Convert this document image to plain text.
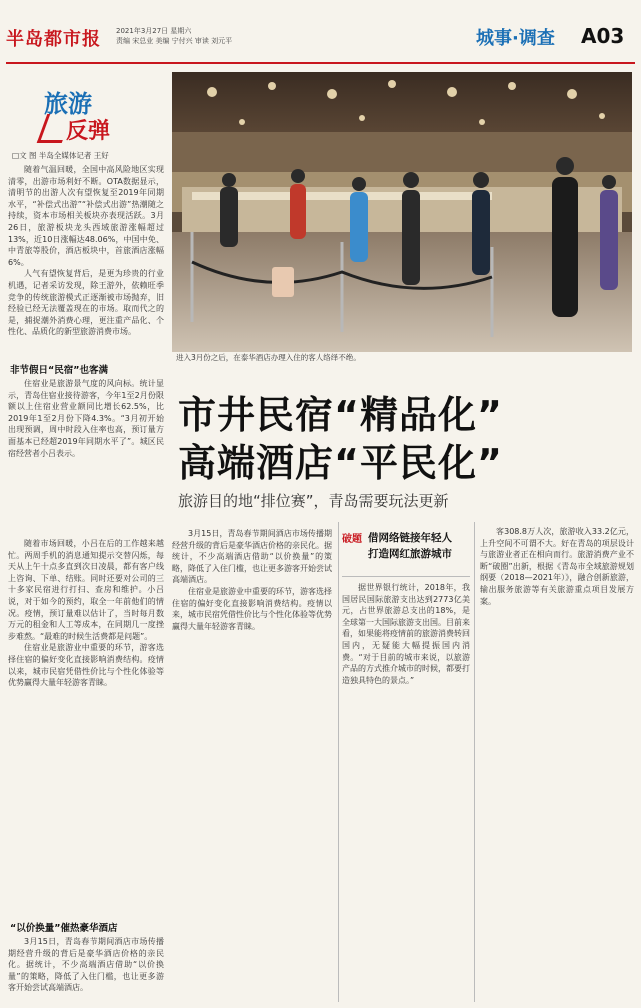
半岛都市报 2021年3月27日 星期六
责编 宋总业 美编 宁付兴 审读 刘元平	城事·调查 A03
旅游
反弹
□文 图 半岛全媒体记者 王好

随着气温回暖，全国中高风险地区实现清零，出游市场利好不断。OTA数据显示，清明节的出游人次有望恢复至2019年同期水平，“补偿式出游”“补偿式出游”热潮随之持续，资本市场相关板块亦表现活跃。3月26日，旅游板块龙头西域旅游涨幅超过13%，近10日涨幅达48.06%，中国中免、中青旅等股价，酒店板块中，首旅酒店涨幅6%。

人气有望恢复背后，是更为珍贵的行业机遇，记者采访发现，除王游外，依赖旺季竞争的传统旅游模式正逐渐被市场抛弃，旧经验已经无法覆盖现在的市场。取而代之的是，捕捉潮外消费心理，更注重产品化、个性化、品质化的新型旅游消费市场。

非节假日“民宿”也客满

住宿业是旅游景气度的风向标。统计显示，青岛住宿业接待游客，今年1至2月份限额以上住宿业营业额同比增长62.5%，比2019年1至2月份下降4.3%。“3月初开始出现预调，周中时段入住率也高，预订量方面基本已经超2019年同期水平了”。城区民宿经营者小吕表示。

随着市场回暖，小吕在后的工作越来越忙。两周手机的消息通知提示交替闪烁，每天从上午十点多直到次日凌晨，都有客户线上咨询、下单、结账。同时还要对公司的三十多家民宿进行打扫、查房和维护。小吕说，对于如今的预约，取全一年前他们的情况。疫情，预订量难以估计了，当时每月数万元的租金和人工等成本，在同期几一度挫步难熬。“最难的时候生活费都是问题”。

住宿业是旅游业中重要的环节，游客选择住宿的偏好变化直接影响消费结构。疫情以来，城市民宿凭借性价比与个性化体验等优势赢得大量年轻游客青睐。

“以价换量”催热豪华酒店

3月15日，青岛春节期间酒店市场传播期经营升级的背后是豪华酒店价格的亲民化。据统计，不少高端酒店借助“以价换量”的策略，降低了入住门槛，也让更多游客开始尝试高端酒店。

进入3月份之后，在泰华酒店办理入住的客人络绎不绝。
市井民宿“精品化”
高端酒店“平民化”
旅游目的地“排位赛”，青岛需要玩法更新

3月15日，青岛春节期间酒店市场传播期经营升级的背后是豪华酒店价格的亲民化。据统计，不少高端酒店借助“以价换量”的策略，降低了入住门槛，也让更多游客开始尝试高端酒店。

住宿业是旅游业中重要的环节，游客选择住宿的偏好变化直接影响消费结构。疫情以来，城市民宿凭借性价比与个性化体验等优势赢得大量年轻游客青睐。

破题 借网络链接年轻人
打造网红旅游城市

据世界银行统计，2018年，我国居民国际旅游支出达到2773亿美元，占世界旅游总支出的18%，是全球第一大国际旅游支出国。目前来看，如果能将疫情前的旅游消费转回国内，无疑能大幅提振国内消费。“对于目前的城市来说，以旅游产品的方式推介城市的时候，都要打造独具特色的景点。”

客308.8万人次，旅游收入33.2亿元，上升空间不可谓不大。好在青岛的项层设计与旅游业者正在相向而行。旅游消费产业不断“破圈”出新，根据《青岛市全域旅游规划纲要（2018—2021年）》，融合创新旅游，输出服务旅游等有关旅游重点项目发展方案。
